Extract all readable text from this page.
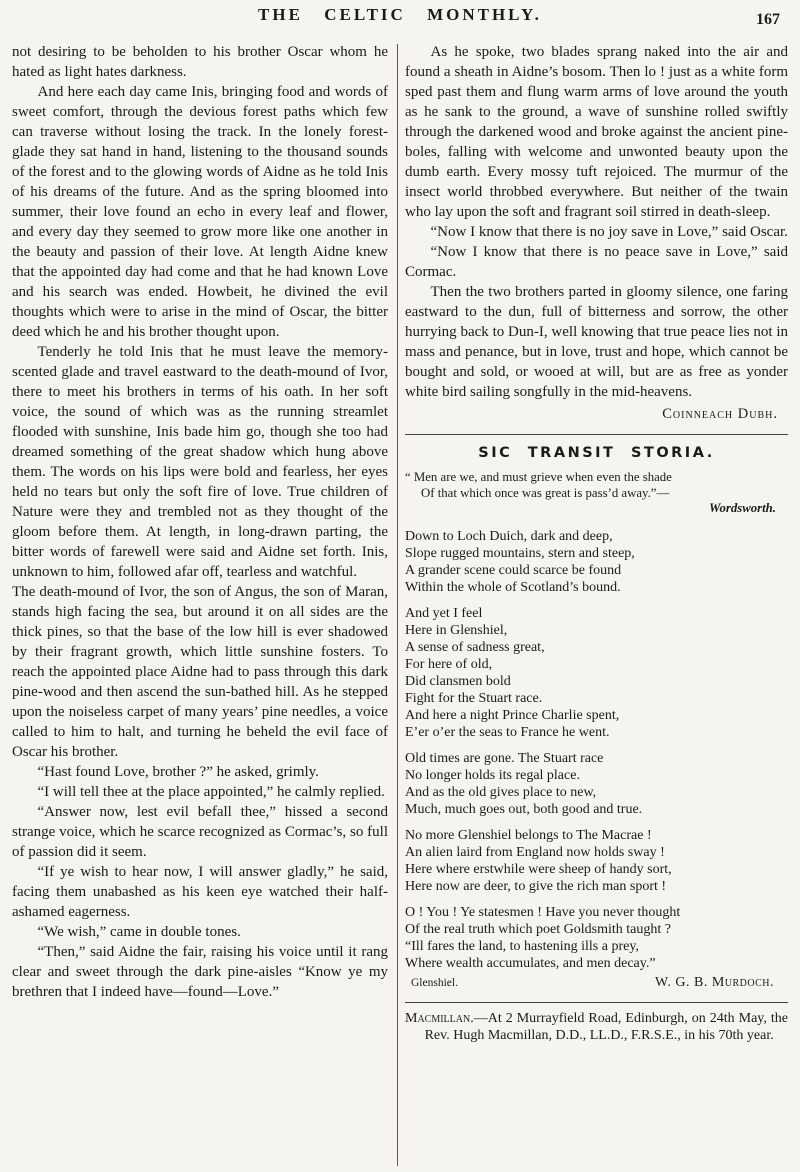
THE CELTIC MONTHLY.	167

not desiring to be beholden to his brother Oscar whom he hated as light hates darkness.

And here each day came Inis, bringing food and words of sweet comfort, through the devious forest paths which few can traverse without losing the track. In the lonely forest-glade they sat hand in hand, listening to the thousand sounds of the forest and to the glowing words of Aidne as he told Inis of his dreams of the future. And as the spring bloomed into summer, their love found an echo in every leaf and flower, and every day they seemed to grow more like one another in the beauty and passion of their love. At length Aidne knew that the appointed day had come and that he had known Love and his search was ended. Howbeit, he divined the evil thoughts which were to arise in the mind of Oscar, the bitter deed which he and his brother thought upon.

Tenderly he told Inis that he must leave the memory-scented glade and travel eastward to the death-mound of Ivor, there to meet his brothers in terms of his oath. In her soft voice, the sound of which was as the running streamlet flooded with sunshine, Inis bade him go, though she too had dreamed something of the great shadow which hung above them. The words on his lips were bold and fearless, her eyes held no tears but only the soft fire of love. True children of Nature were they and trembled not as they thought of the gloom before them. At length, in long-drawn parting, the bitter words of farewell were said and Aidne set forth. Inis, unknown to him, followed afar off, tearless and watchful.

The death-mound of Ivor, the son of Angus, the son of Maran, stands high facing the sea, but around it on all sides are the thick pines, so that the base of the low hill is ever shadowed by their fragrant growth, which little sunshine fosters. To reach the appointed place Aidne had to pass through this dark pine-wood and then ascend the sun-bathed hill. As he stepped upon the noiseless carpet of many years’ pine needles, a voice called to him to halt, and turning he beheld the evil face of Oscar his brother.

“Hast found Love, brother ?” he asked, grimly.

“I will tell thee at the place appointed,” he calmly replied.

“Answer now, lest evil befall thee,” hissed a second strange voice, which he scarce recognized as Cormac’s, so full of passion did it seem.

“If ye wish to hear now, I will answer gladly,” he said, facing them unabashed as his keen eye watched their half-ashamed eagerness.

“We wish,” came in double tones.

“Then,” said Aidne the fair, raising his voice until it rang clear and sweet through the dark pine-aisles “Know ye my brethren that I indeed have—found—Love.”

As he spoke, two blades sprang naked into the air and found a sheath in Aidne’s bosom. Then lo ! just as a white form sped past them and flung warm arms of love around the youth as he sank to the ground, a wave of sunshine rolled swiftly through the darkened wood and broke against the ancient pine-boles, falling with welcome and unwonted beauty upon the dumb earth. Every mossy tuft rejoiced. The murmur of the insect world throbbed everywhere. But neither of the twain who lay upon the soft and fragrant soil stirred in death-sleep.

“Now I know that there is no joy save in Love,” said Oscar.

“Now I know that there is no peace save in Love,” said Cormac.

Then the two brothers parted in gloomy silence, one faring eastward to the dun, full of bitterness and sorrow, the other hurrying back to Dun-I, well knowing that true peace lies not in mass and penance, but in love, trust and hope, which cannot be bought and sold, or wooed at will, but are as free as yonder white bird sailing songfully in the mid-heavens.

Coinneach Dubh.
SIC TRANSIT STORIA.
“ Men are we, and must grieve when even the shade
Of that which once was great is pass’d away.”—
Wordsworth.
Down to Loch Duich, dark and deep,
Slope rugged mountains, stern and steep,
A grander scene could scarce be found
Within the whole of Scotland’s bound.
And yet I feel
Here in Glenshiel,
A sense of sadness great,
For here of old,
Did clansmen bold
Fight for the Stuart race.
And here a night Prince Charlie spent,
E’er o’er the seas to France he went.
Old times are gone. The Stuart race
No longer holds its regal place.
And as the old gives place to new,
Much, much goes out, both good and true.
No more Glenshiel belongs to The Macrae !
An alien laird from England now holds sway !
Here where erstwhile were sheep of handy sort,
Here now are deer, to give the rich man sport !
O ! You ! Ye statesmen ! Have you never thought
Of the real truth which poet Goldsmith taught ?
“Ill fares the land, to hastening ills a prey,
Where wealth accumulates, and men decay.”
Glenshiel.	W. G. B. Murdoch.

Macmillan.—At 2 Murrayfield Road, Edinburgh, on 24th May, the Rev. Hugh Macmillan, D.D., LL.D., F.R.S.E., in his 70th year.
